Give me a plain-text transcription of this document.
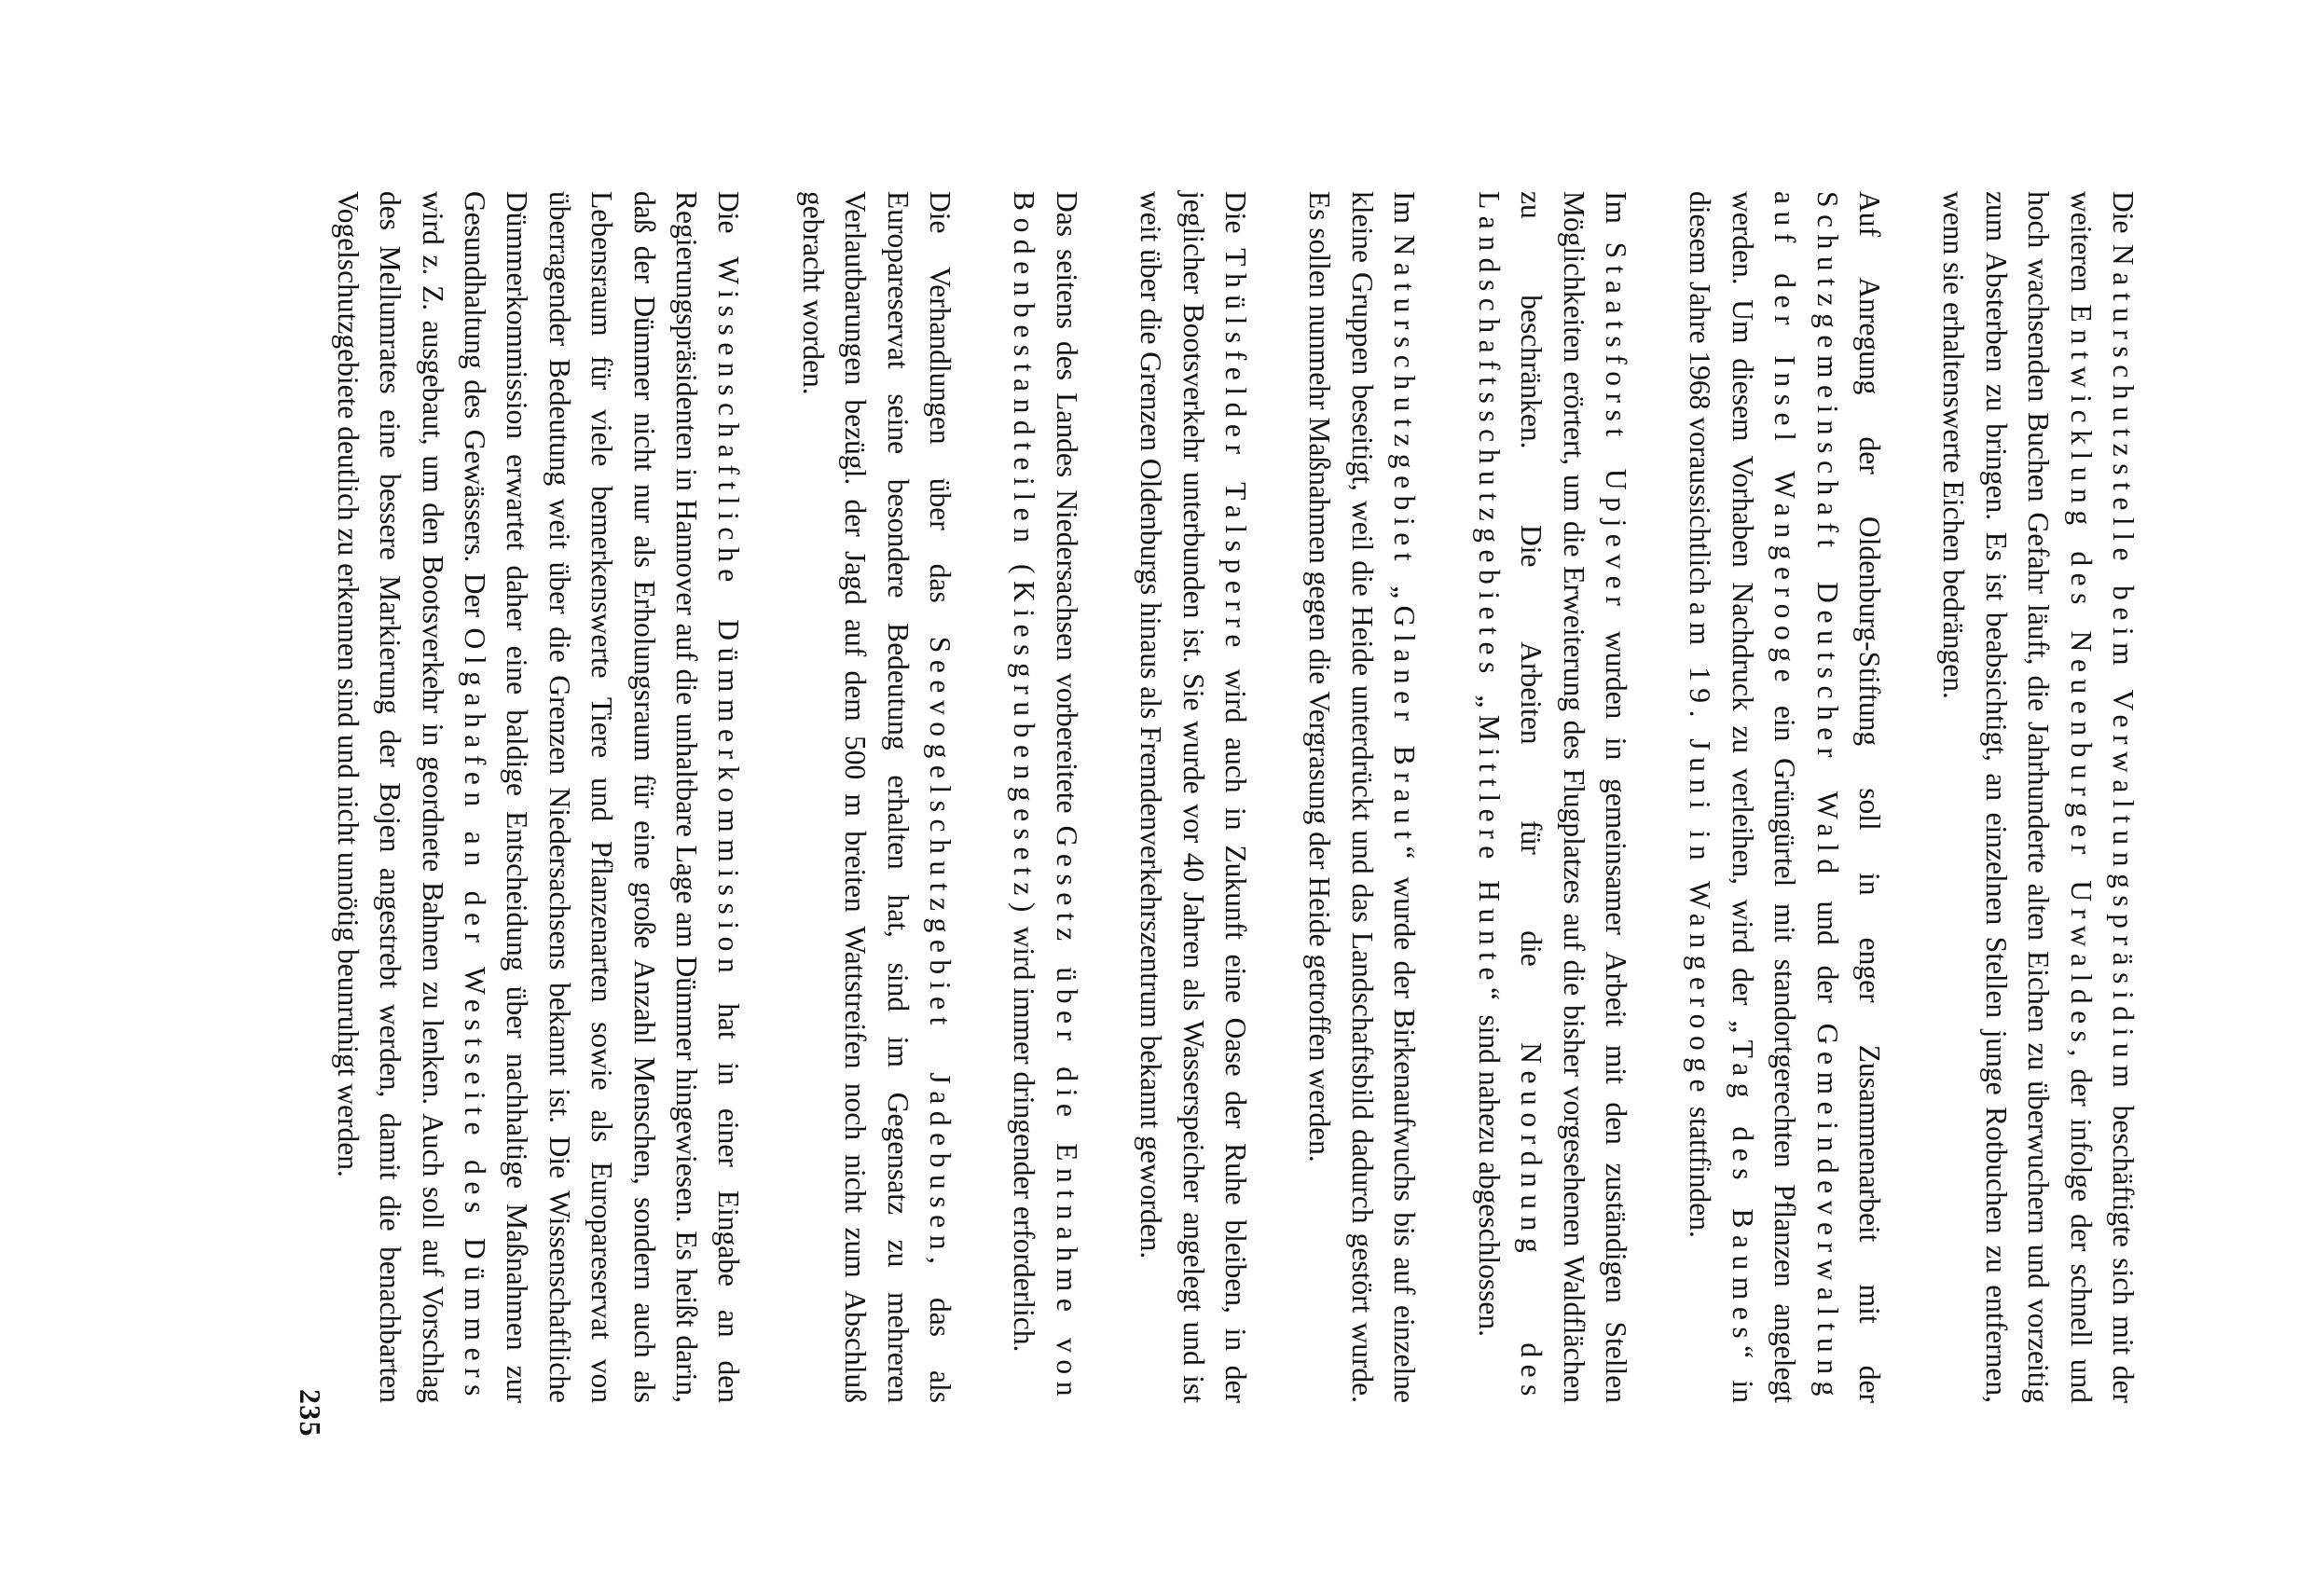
Die Naturschutzstelle beim Verwaltungspräsidium beschäftigte sich mit der weiteren Entwicklung des Neuenburger Urwaldes, der infolge der schnell und hoch wachsenden Buchen Gefahr läuft, die Jahrhunderte alten Eichen zu überwuchern und vorzeitig zum Absterben zu bringen. Es ist beabsichtigt, an einzelnen Stellen junge Rotbuchen zu entfernen, wenn sie erhaltenswerte Eichen bedrängen.

Auf Anregung der Oldenburg-Stiftung soll in enger Zusammenarbeit mit der Schutzgemeinschaft Deutscher Wald und der Gemeindeverwaltung auf der Insel Wangerooge ein Grüngürtel mit standortgerechten Pflanzen angelegt werden. Um diesem Vorhaben Nachdruck zu verleihen, wird der „Tag des Baumes“ in diesem Jahre 1968 voraussichtlich am 19. Juni in Wangerooge stattfinden.

Im Staatsforst Upjever wurden in gemeinsamer Arbeit mit den zuständigen Stellen Möglichkeiten erörtert, um die Erweiterung des Flugplatzes auf die bisher vorgesehenen Waldflächen zu beschränken. Die Arbeiten für die Neuordnung des Landschaftsschutzgebietes „Mittlere Hunte“ sind nahezu abgeschlossen.

Im Naturschutzgebiet „Glaner Braut“ wurde der Birkenaufwuchs bis auf einzelne kleine Gruppen beseitigt, weil die Heide unterdrückt und das Landschaftsbild dadurch gestört wurde. Es sollen nunmehr Maßnahmen gegen die Vergrasung der Heide getroffen werden.

Die Thülsfelder Talsperre wird auch in Zukunft eine Oase der Ruhe bleiben, in der jeglicher Bootsverkehr unterbunden ist. Sie wurde vor 40 Jahren als Wasserspeicher angelegt und ist weit über die Grenzen Oldenburgs hinaus als Fremdenverkehrszentrum bekannt geworden.

Das seitens des Landes Niedersachsen vorbereitete Gesetz über die Entnahme von Bodenbestandteilen (Kiesgrubengesetz) wird immer dringender erforderlich.

Die Verhandlungen über das Seevogelschutzgebiet Jadebusen, das als Europareservat seine besondere Bedeutung erhalten hat, sind im Gegensatz zu mehreren Verlautbarungen bezügl. der Jagd auf dem 500 m breiten Wattstreifen noch nicht zum Abschluß gebracht worden.

Die Wissenschaftliche Dümmerkommission hat in einer Eingabe an den Regierungspräsidenten in Hannover auf die unhaltbare Lage am Dümmer hingewiesen. Es heißt darin, daß der Dümmer nicht nur als Erholungsraum für eine große Anzahl Menschen, sondern auch als Lebensraum für viele bemerkenswerte Tiere und Pflanzenarten sowie als Europareservat von überragender Bedeutung weit über die Grenzen Niedersachsens bekannt ist. Die Wissenschaftliche Dümmerkommission erwartet daher eine baldige Entscheidung über nachhaltige Maßnahmen zur Gesundhaltung des Gewässers. Der Olgahafen an der Westseite des Dümmers wird z. Z. ausgebaut, um den Bootsverkehr in geordnete Bahnen zu lenken. Auch soll auf Vorschlag des Mellumrates eine bessere Markierung der Bojen angestrebt werden, damit die benachbarten Vogelschutzgebiete deutlich zu erkennen sind und nicht unnötig beunruhigt werden.

235
